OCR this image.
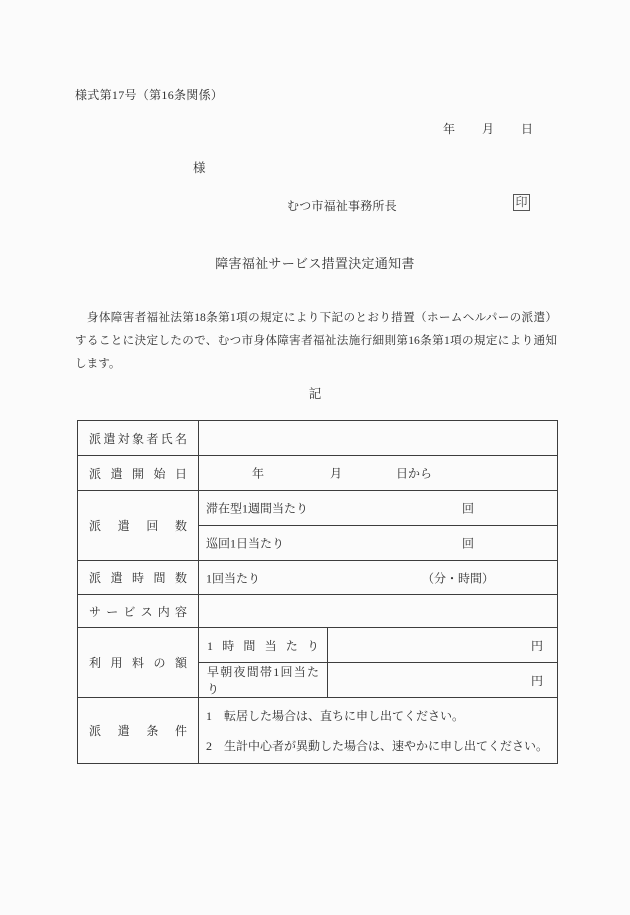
様式第17号（第16条関係）
年 月 日
様
むつ市福祉事務所長	印
障害福祉サービス措置決定通知書
　身体障害者福祉法第18条第1項の規定により下記のとおり措置（ホームヘルパーの派遣）
することに決定したので、むつ市身体障害者福祉法施行細則第16条第1項の規定により通知
します。
記
派遣対象者氏名		
派遣開始日	年 月 日から	

派遣回数	滞在型1週間当たり 回	

	巡回1日当たり 回	

派遣時間数	1回当たり （分・時間）	

サービス内容		
利用料の額	1時間当たり	円
	早朝夜間帯1回当たり	円
派遣条件	1　転居した場合は、直ちに申し出てください。
2　生計中心者が異動した場合は、速やかに申し出てください。	
